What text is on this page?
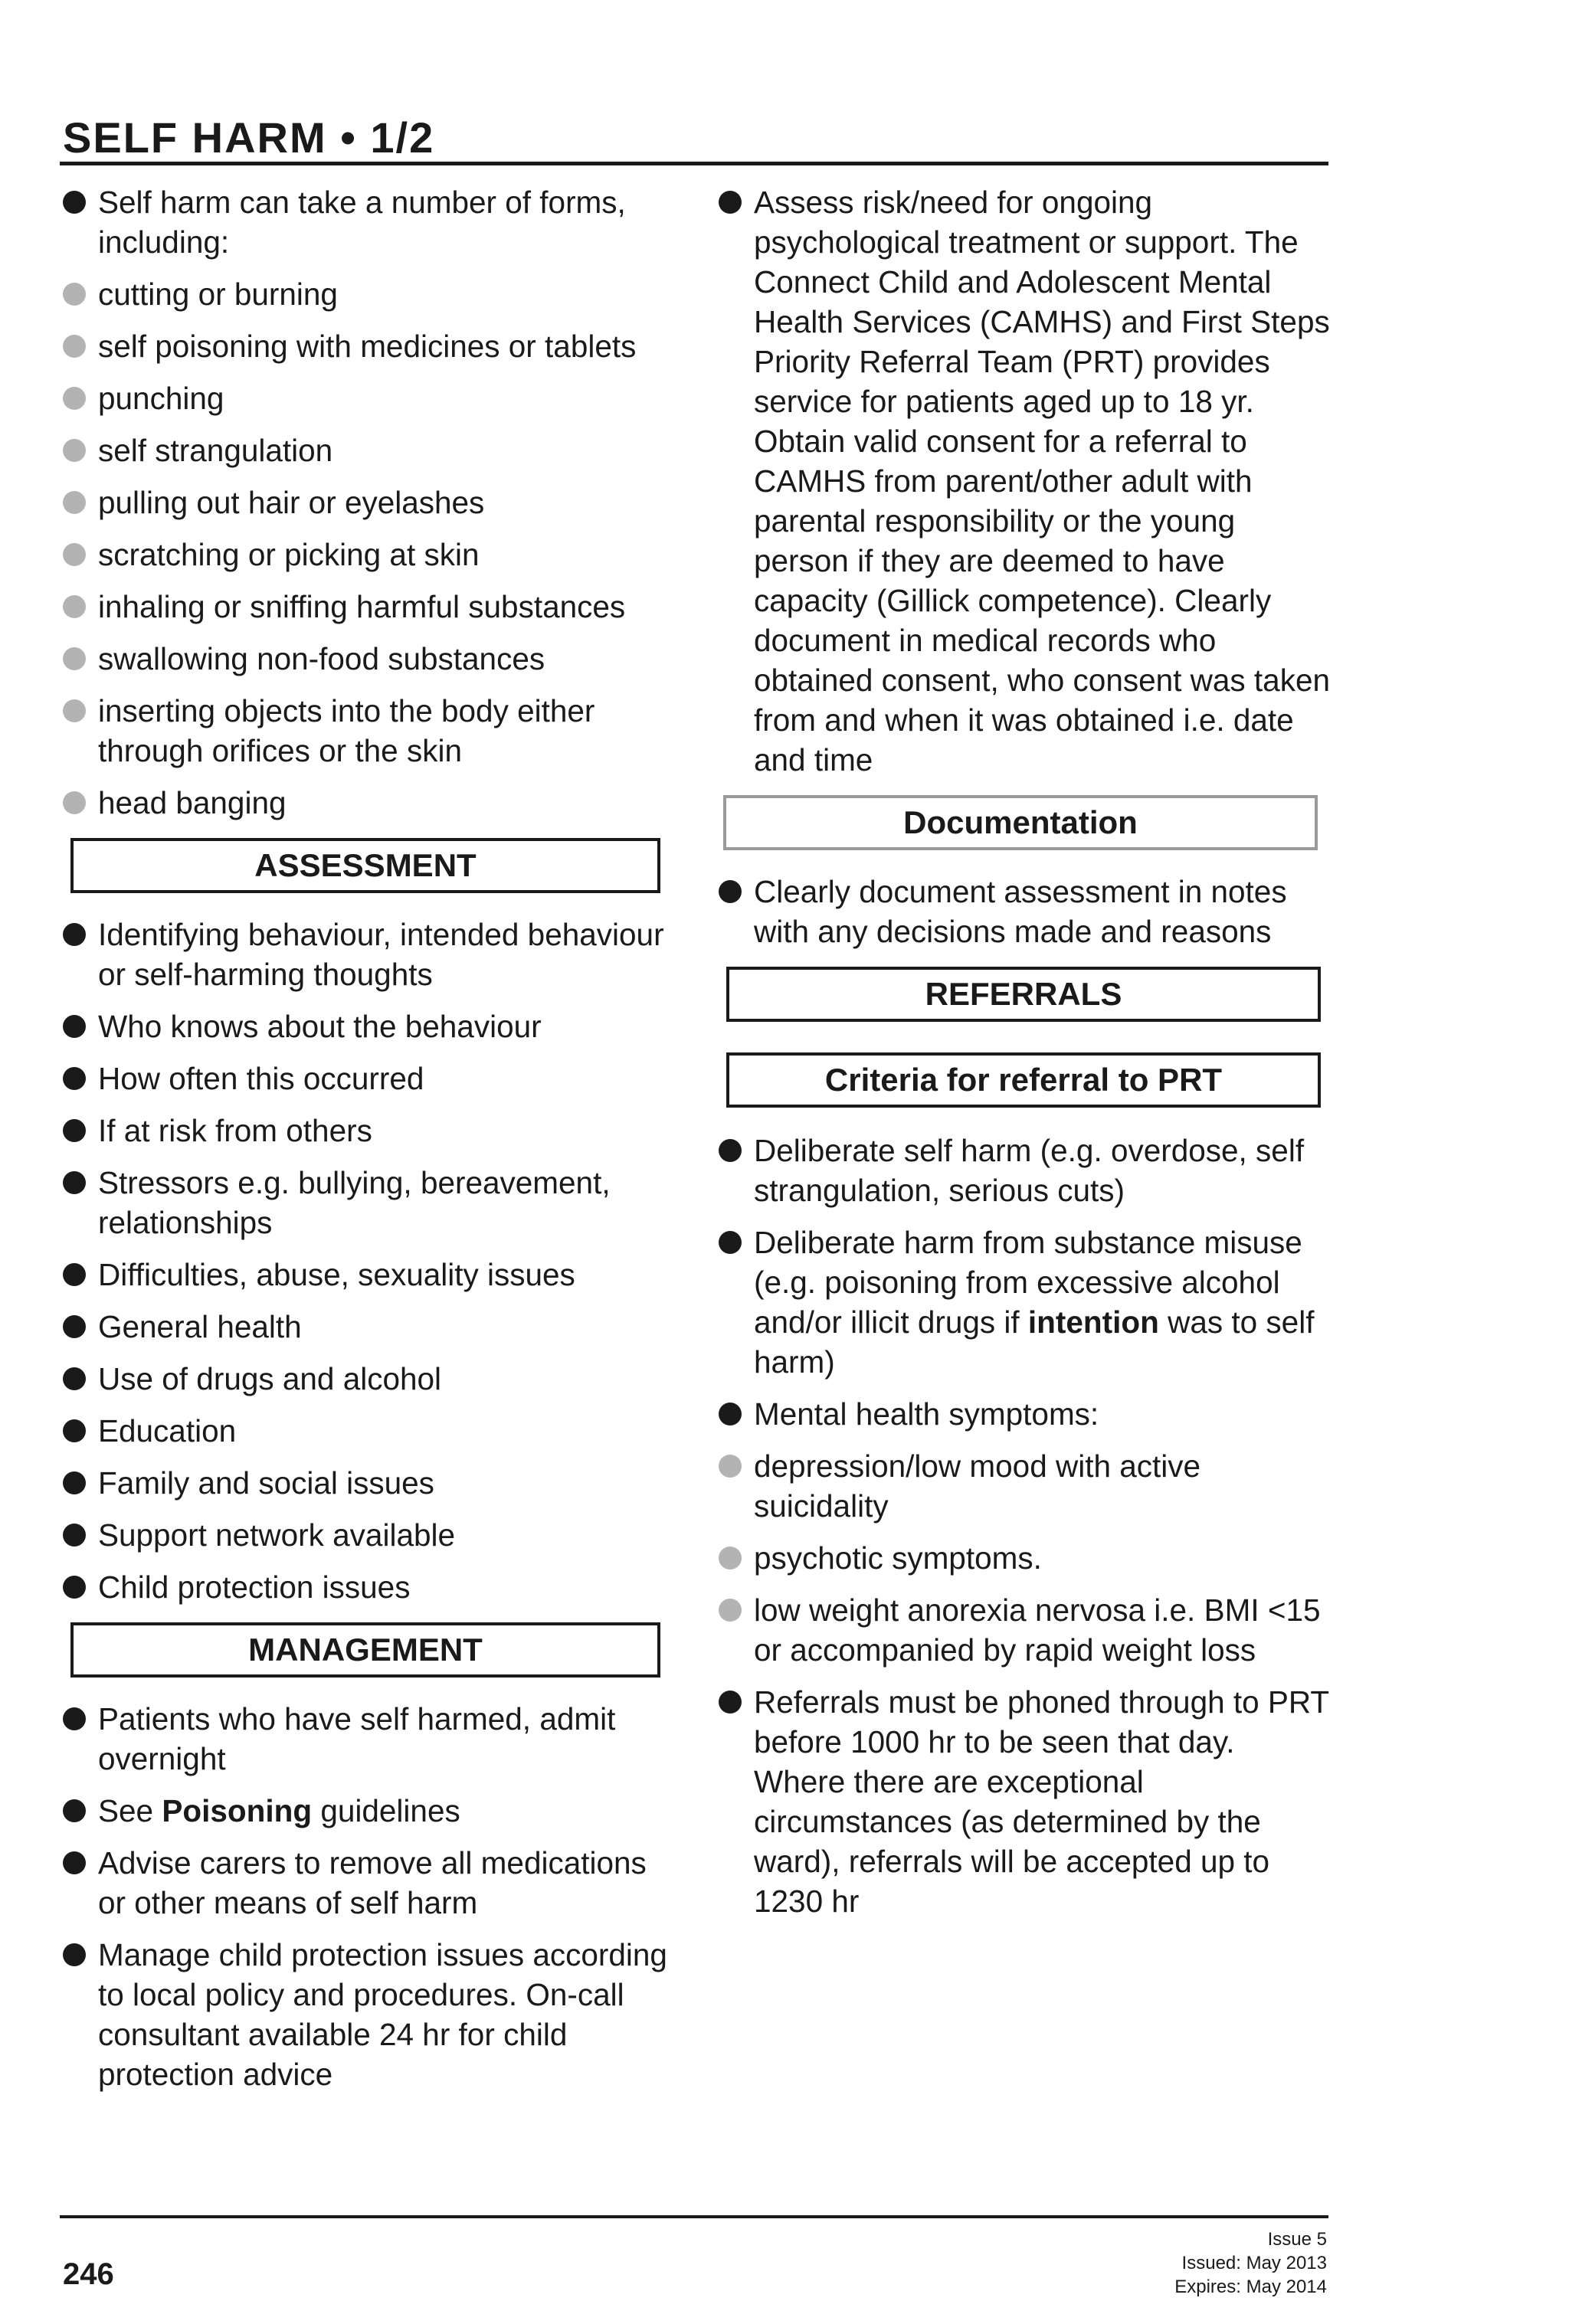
SELF HARM • 1/2
Self harm can take a number of forms, including:
cutting or burning
self poisoning with medicines or tablets
punching
self strangulation
pulling out hair or eyelashes
scratching or picking at skin
inhaling or sniffing harmful substances
swallowing non-food substances
inserting objects into the body either through orifices or the skin
head banging
ASSESSMENT
Identifying behaviour, intended behaviour or self-harming thoughts
Who knows about the behaviour
How often this occurred
If at risk from others
Stressors e.g. bullying, bereavement, relationships
Difficulties, abuse, sexuality issues
General health
Use of drugs and alcohol
Education
Family and social issues
Support network available
Child protection issues
MANAGEMENT
Patients who have self harmed, admit overnight
See Poisoning guidelines
Advise carers to remove all medications or other means of self harm
Manage child protection issues according to local policy and procedures. On-call consultant available 24 hr for child protection advice
Assess risk/need for ongoing psychological treatment or support. The Connect Child and Adolescent Mental Health Services (CAMHS) and First Steps Priority Referral Team (PRT) provides service for patients aged up to 18 yr. Obtain valid consent for a referral to CAMHS from parent/other adult with parental responsibility or the young person if they are deemed to have capacity (Gillick competence). Clearly document in medical records who obtained consent, who consent was taken from and when it was obtained i.e. date and time
Documentation
Clearly document assessment in notes with any decisions made and reasons
REFERRALS
Criteria for referral to PRT
Deliberate self harm (e.g. overdose, self strangulation, serious cuts)
Deliberate harm from substance misuse (e.g. poisoning from excessive alcohol and/or illicit drugs if intention was to self harm)
Mental health symptoms:
depression/low mood with active suicidality
psychotic symptoms.
low weight anorexia nervosa i.e. BMI <15 or accompanied by rapid weight loss
Referrals must be phoned through to PRT before 1000 hr to be seen that day. Where there are exceptional circumstances (as determined by the ward), referrals will be accepted up to 1230 hr
246
Issue 5
Issued: May 2013
Expires: May 2014
